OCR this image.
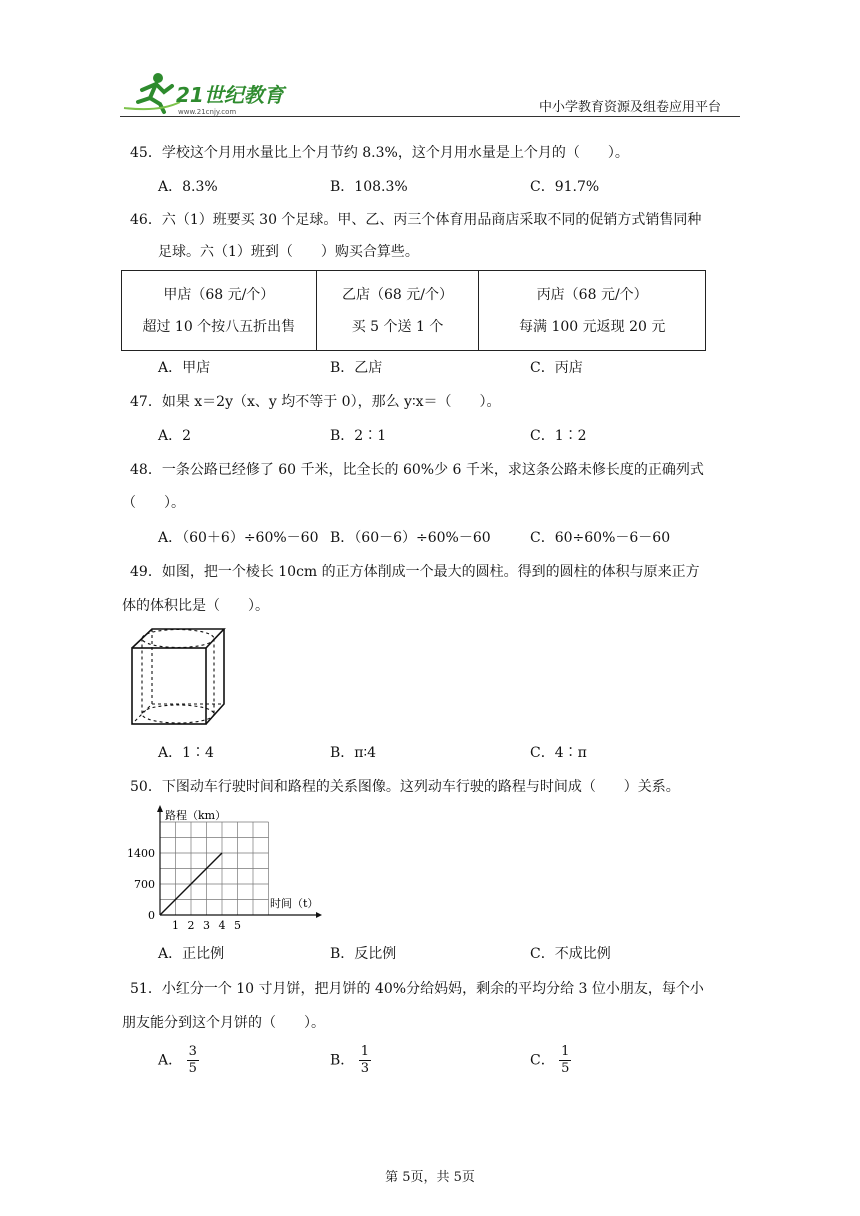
21世纪教育
www.21cnjy.com	中小学教育资源及组卷应用平台
45．学校这个月用水量比上个月节约 8.3%，这个月用水量是上个月的（　　）。
A．8.3%	B．108.3%	C．91.7%
46．六（1）班要买 30 个足球。甲、乙、丙三个体育用品商店采取不同的促销方式销售同种
足球。六（1）班到（　　）购买合算些。
甲店（68 元/个）
超过 10 个按八五折出售

乙店（68 元/个）
买 5 个送 1 个

丙店（68 元/个）
每满 100 元返现 20 元
A．甲店	B．乙店	C．丙店
47．如果 x＝2y（x、y 均不等于 0），那么 y∶x＝（　　）。
A．2	B．2∶1	C．1∶2
48．一条公路已经修了 60 千米，比全长的 60%少 6 千米，求这条公路未修长度的正确列式
（　　）。
A．（60＋6）÷60%－60 B．（60－6）÷60%－60	C．60÷60%－6－60
49．如图，把一个棱长 10cm 的正方体削成一个最大的圆柱。得到的圆柱的体积与原来正方
体的体积比是（　　）。
A．1∶4	B．π∶4	C．4∶π
50．下图动车行驶时间和路程的关系图像。这列动车行驶的路程与时间成（　　）关系。
路程（km）
时间（t）
1 2 3 4 5
0
700
1400
A．正比例	B．反比例	C．不成比例
51．小红分一个 10 寸月饼，把月饼的 40%分给妈妈，剩余的平均分给 3 位小朋友，每个小
朋友能分到这个月饼的（　　）。
A． $\frac{3}{5}$	B． $\frac{1}{3}$	C． $\frac{1}{5}$
第 5页，共 5页
